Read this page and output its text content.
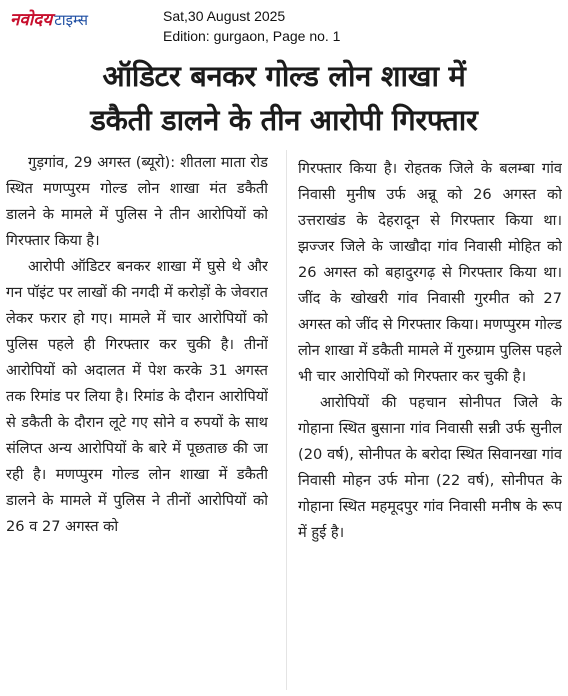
नवोदय टाइम्स	Sat,30 August 2025
Edition: gurgaon, Page no. 1
ऑडिटर बनकर गोल्ड लोन शाखा में
डकैती डालने के तीन आरोपी गिरफ्तार

गुड़गांव, 29 अगस्त (ब्यूरो): शीतला माता रोड स्थित मणप्पुरम गोल्ड लोन शाखा मंत डकैती डालने के मामले में पुलिस ने तीन आरोपियों को गिरफ्तार किया है।

आरोपी ऑडिटर बनकर शाखा में घुसे थे और गन पॉइंट पर लाखों की नगदी में करोड़ों के जेवरात लेकर फरार हो गए। मामले में चार आरोपियों को पुलिस पहले ही गिरफ्तार कर चुकी है। तीनों आरोपियों को अदालत में पेश करके 31 अगस्त तक रिमांड पर लिया है। रिमांड के दौरान आरोपियों से डकैती के दौरान लूटे गए सोने व रुपयों के साथ संलिप्त अन्य आरोपियों के बारे में पूछताछ की जा रही है। मणप्पुरम गोल्ड लोन शाखा में डकैती डालने के मामले में पुलिस ने तीनों आरोपियों को 26 व 27 अगस्त को

गिरफ्तार किया है। रोहतक जिले के बलम्बा गांव निवासी मुनीष उर्फ अन्नू को 26 अगस्त को उत्तराखंड के देहरादून से गिरफ्तार किया था। झज्जर जिले के जाखौदा गांव निवासी मोहित को 26 अगस्त को बहादुरगढ़ से गिरफ्तार किया था। जींद के खोखरी गांव निवासी गुरमीत को 27 अगस्त को जींद से गिरफ्तार किया। मणप्पुरम गोल्ड लोन शाखा में डकैती मामले में गुरुग्राम पुलिस पहले भी चार आरोपियों को गिरफ्तार कर चुकी है।

आरोपियों की पहचान सोनीपत जिले के गोहाना स्थित बुसाना गांव निवासी सन्नी उर्फ सुनील (20 वर्ष), सोनीपत के बरोदा स्थित सिवानखा गांव निवासी मोहन उर्फ मोना (22 वर्ष), सोनीपत के गोहाना स्थित महमूदपुर गांव निवासी मनीष के रूप में हुई है।
